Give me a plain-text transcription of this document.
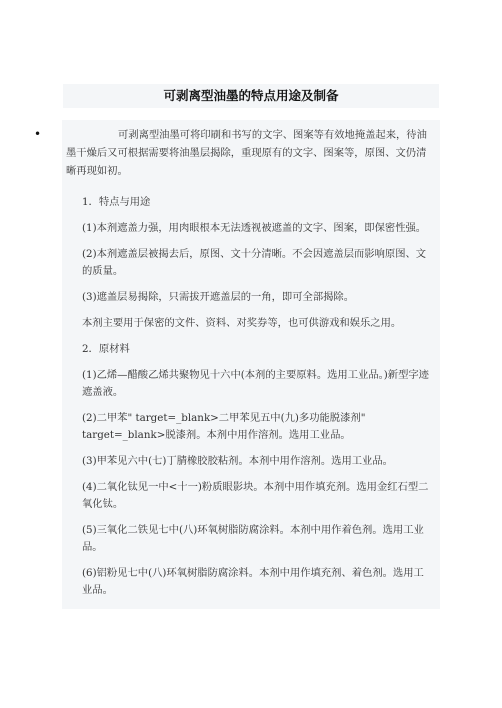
可剥离型油墨的特点用途及制备
•	可剥离型油墨可将印刷和书写的文字、图案等有效地掩盖起来，待油墨干燥后又可根据需要将油墨层揭除，重现原有的文字、图案等，原图、文仍清晰再现如初。

1．特点与用途

(1)本剂遮盖力强，用肉眼根本无法透视被遮盖的文字、图案，即保密性强。

(2)本剂遮盖层被揭去后，原图、文十分清晰。不会因遮盖层而影响原图、文的质量。

(3)遮盖层易揭除，只需拔开遮盖层的一角，即可全部揭除。

本剂主要用于保密的文件、资料、对奖券等，也可供游戏和娱乐之用。

2．原材料

(1)乙烯—醋酸乙烯共聚物见十六中(本剂的主要原料。选用工业品。)新型字迹遮盖液。

(2)二甲苯" target=_blank>二甲苯见五中(九)多功能脱漆剂" target=_blank>脱漆剂。本剂中用作溶剂。选用工业品。

(3)甲苯见六中(七)丁腈橡胶胶粘剂。本剂中用作溶剂。选用工业品。

(4)二氧化钛见一中<十一)粉质眼影块。本剂中用作填充剂。选用金红石型二氧化钛。

(5)三氧化二铁见七中(八)环氧树脂防腐涂料。本剂中用作着色剂。选用工业品。

(6)铝粉见七中(八)环氧树脂防腐涂料。本剂中用作填充剂、着色剂。选用工业品。
